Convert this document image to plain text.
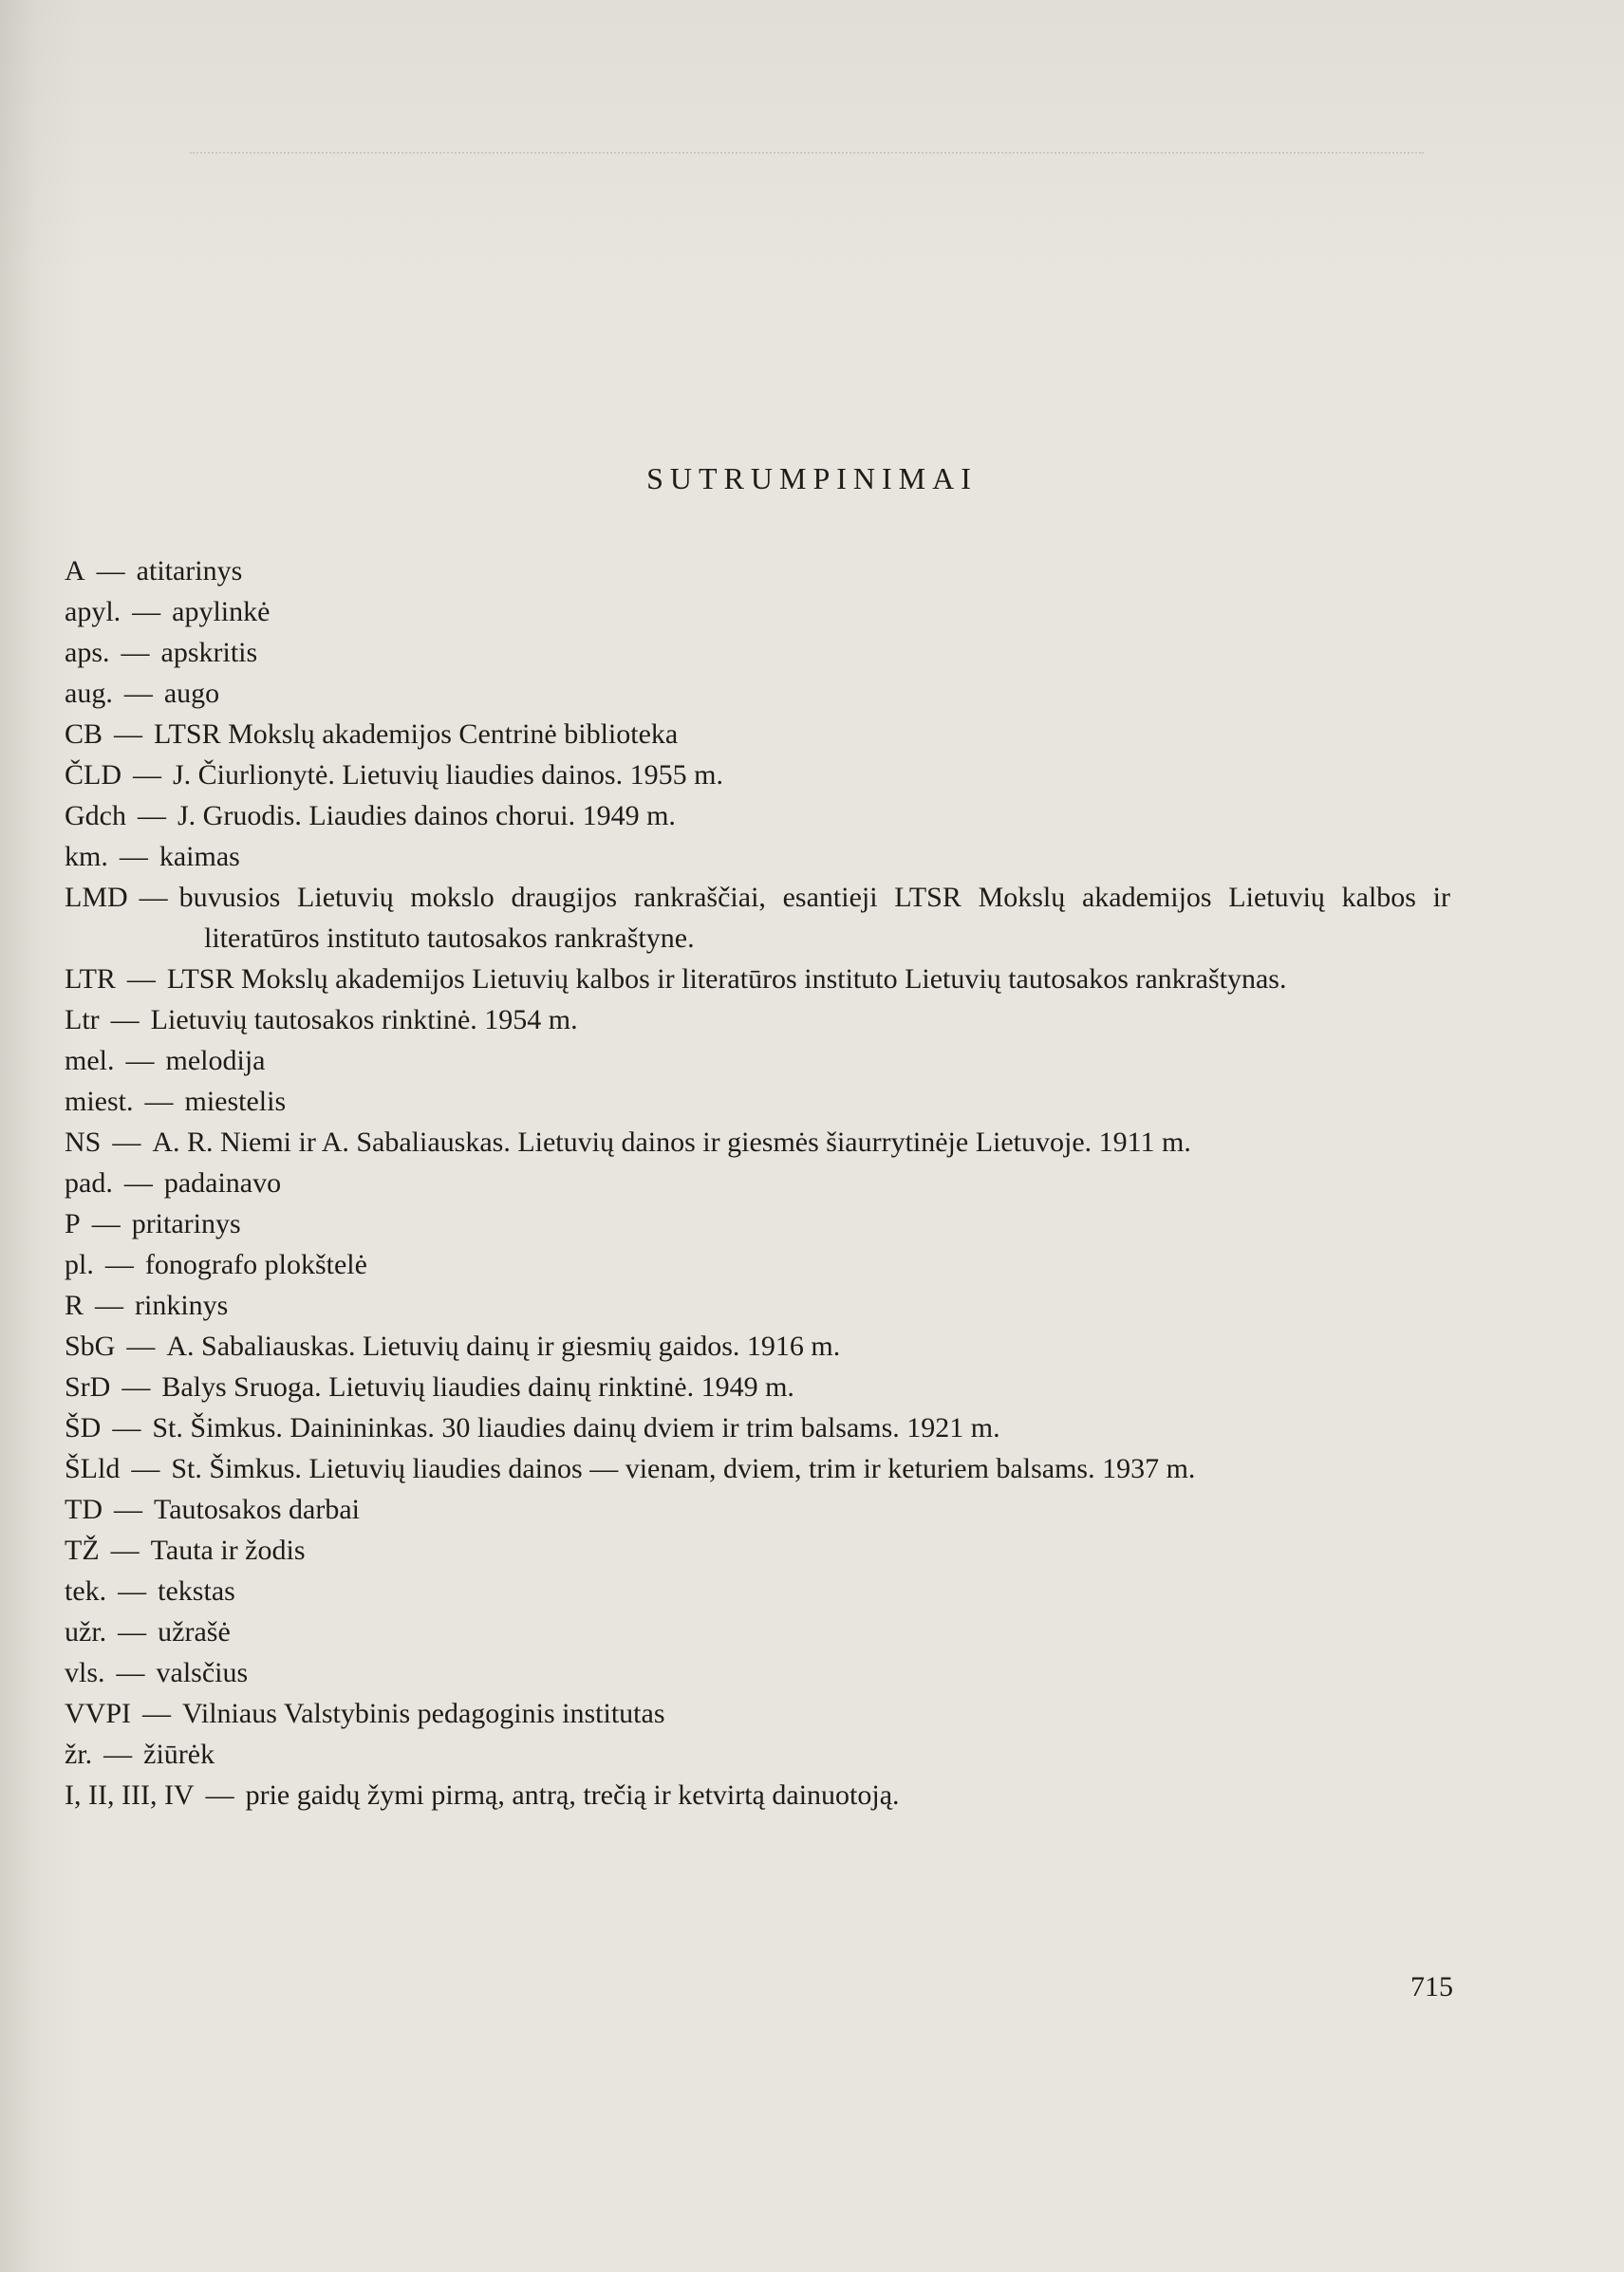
SUTRUMPINIMAI

A — atitarinys

apyl. — apylinkė

aps. — apskritis

aug. — augo

CB — LTSR Mokslų akademijos Centrinė biblioteka

ČLD — J. Čiurlionytė. Lietuvių liaudies dainos. 1955 m.

Gdch — J. Gruodis. Liaudies dainos chorui. 1949 m.

km. — kaimas

LMD — buvusios Lietuvių mokslo draugijos rankraščiai, esantieji LTSR Mokslų akademijos Lietuvių kalbos ir literatūros instituto tautosakos rankraštyne.

LTR — LTSR Mokslų akademijos Lietuvių kalbos ir literatūros instituto Lietuvių tautosakos rankraštynas.

Ltr — Lietuvių tautosakos rinktinė. 1954 m.

mel. — melodija

miest. — miestelis

NS — A. R. Niemi ir A. Sabaliauskas. Lietuvių dainos ir giesmės šiaurrytinėje Lietuvoje. 1911 m.

pad. — padainavo

P — pritarinys

pl. — fonografo plokštelė

R — rinkinys

SbG — A. Sabaliauskas. Lietuvių dainų ir giesmių gaidos. 1916 m.

SrD — Balys Sruoga. Lietuvių liaudies dainų rinktinė. 1949 m.

ŠD — St. Šimkus. Dainininkas. 30 liaudies dainų dviem ir trim balsams. 1921 m.

ŠLld — St. Šimkus. Lietuvių liaudies dainos — vienam, dviem, trim ir keturiem balsams. 1937 m.

TD — Tautosakos darbai

TŽ — Tauta ir žodis

tek. — tekstas

užr. — užrašė

vls. — valsčius

VVPI — Vilniaus Valstybinis pedagoginis institutas

žr. — žiūrėk

I, II, III, IV — prie gaidų žymi pirmą, antrą, trečią ir ketvirtą dainuotoją.

715
